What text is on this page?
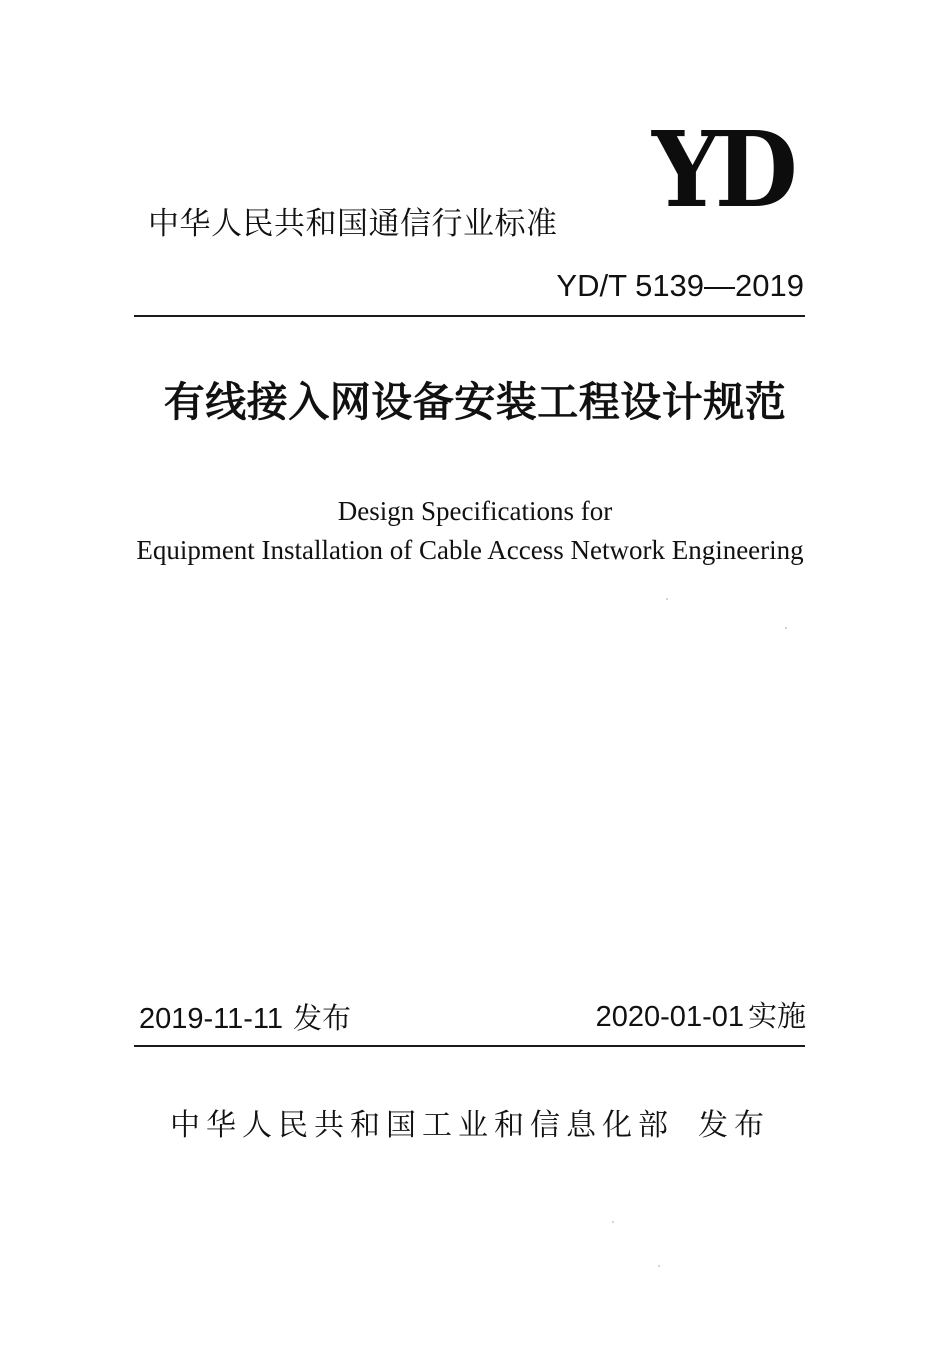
YD
中华人民共和国通信行业标准
YD/T 5139—2019
有线接入网设备安装工程设计规范
Design Specifications for
Equipment Installation of Cable Access Network Engineering
2019-11-11 发布	2020-01-01 实施
中华人民共和国工业和信息化部 发布
